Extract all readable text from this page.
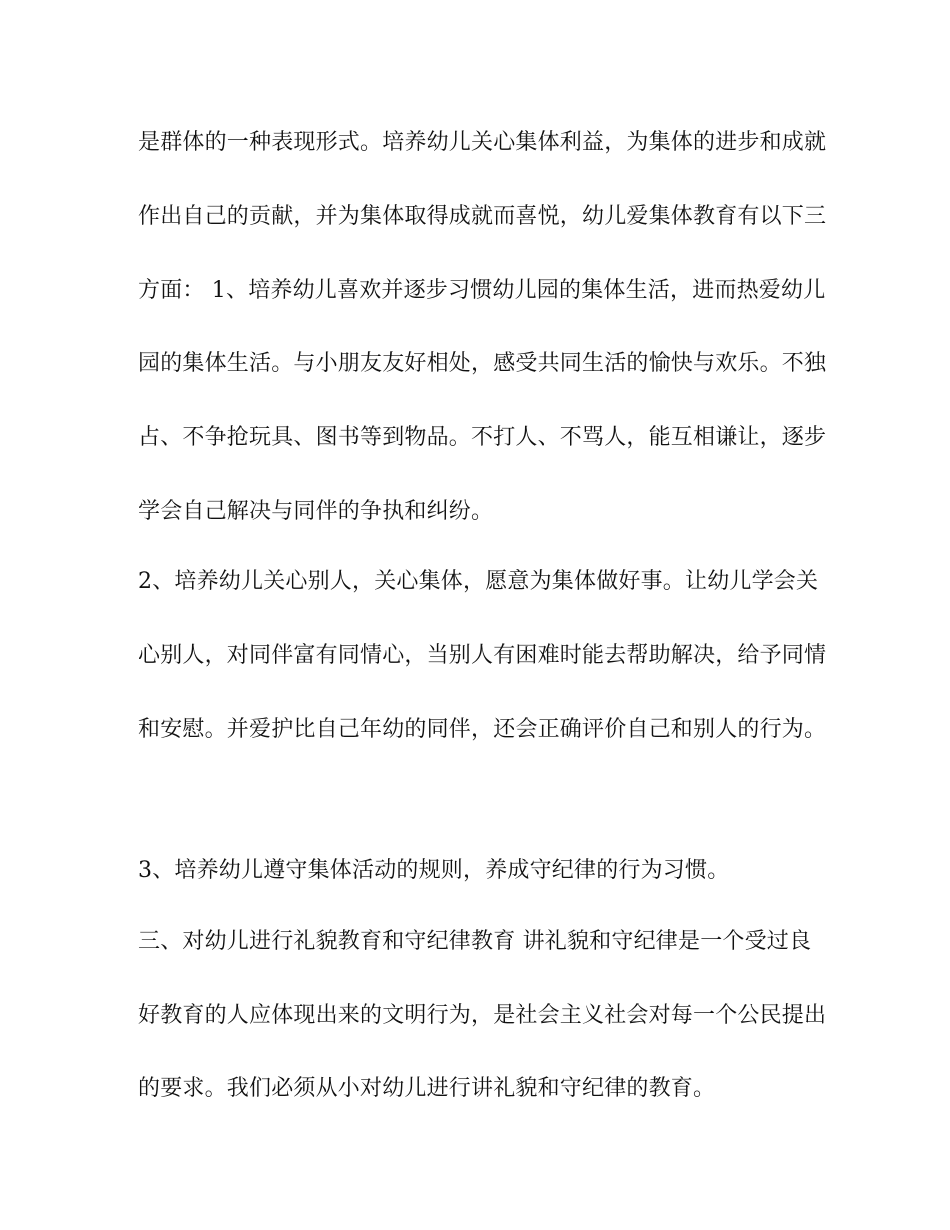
是群体的一种表现形式。培养幼儿关心集体利益，为集体的进步和成就
作出自己的贡献，并为集体取得成就而喜悦，幼儿爱集体教育有以下三
方面： 1、培养幼儿喜欢并逐步习惯幼儿园的集体生活，进而热爱幼儿
园的集体生活。与小朋友友好相处，感受共同生活的愉快与欢乐。不独
占、不争抢玩具、图书等到物品。不打人、不骂人，能互相谦让，逐步
学会自己解决与同伴的争执和纠纷。
2、培养幼儿关心别人，关心集体，愿意为集体做好事。让幼儿学会关
心别人，对同伴富有同情心，当别人有困难时能去帮助解决，给予同情
和安慰。并爱护比自己年幼的同伴，还会正确评价自己和别人的行为。
3、培养幼儿遵守集体活动的规则，养成守纪律的行为习惯。
三、对幼儿进行礼貌教育和守纪律教育 讲礼貌和守纪律是一个受过良
好教育的人应体现出来的文明行为，是社会主义社会对每一个公民提出
的要求。我们必须从小对幼儿进行讲礼貌和守纪律的教育。
